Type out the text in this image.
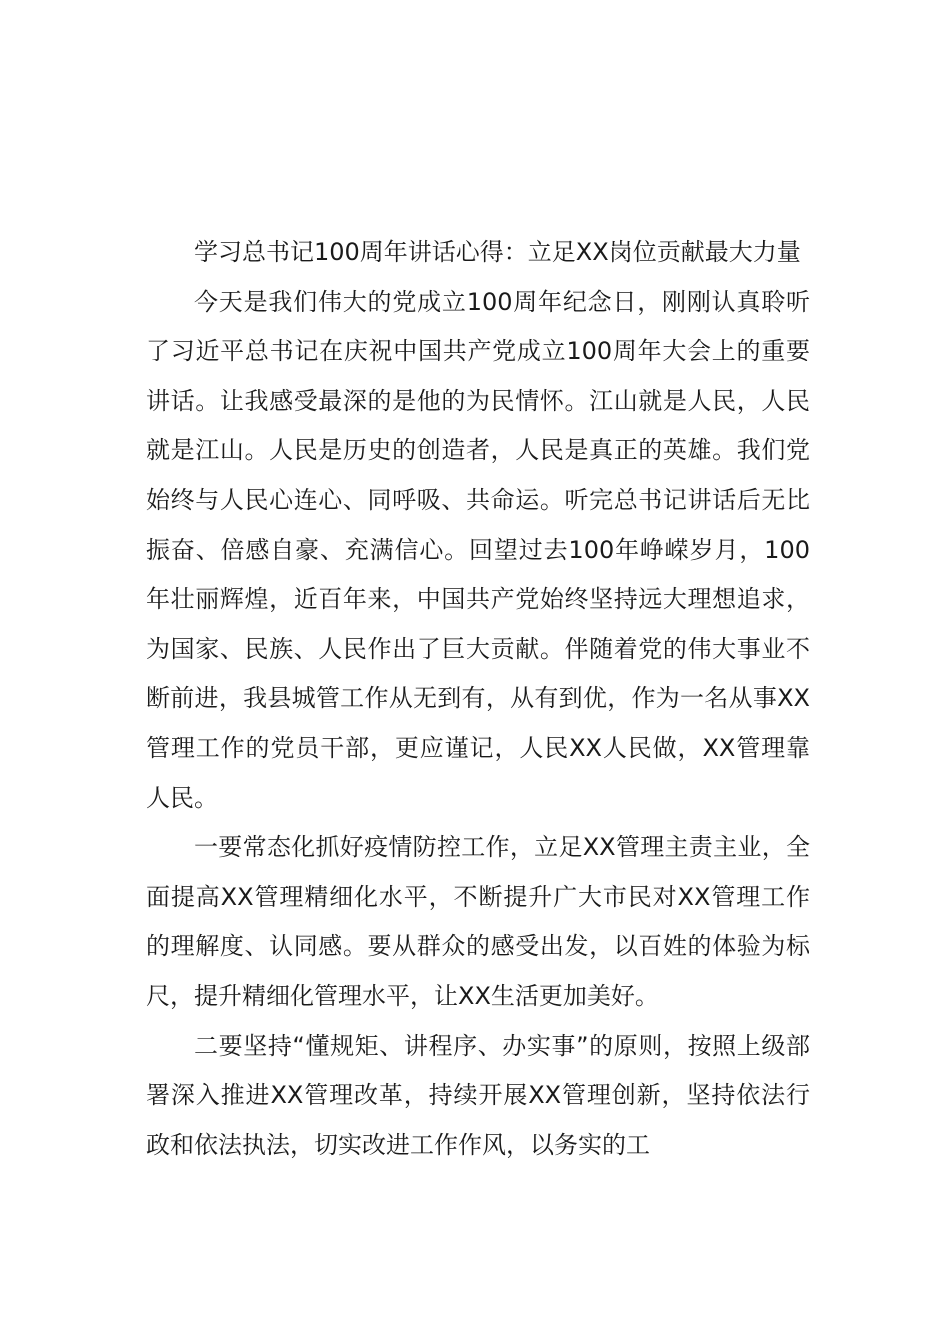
学习总书记100周年讲话心得：立足XX岗位贡献最大力量

今天是我们伟大的党成立100周年纪念日，刚刚认真聆听了习近平总书记在庆祝中国共产党成立100周年大会上的重要讲话。让我感受最深的是他的为民情怀。江山就是人民，人民就是江山。人民是历史的创造者，人民是真正的英雄。我们党始终与人民心连心、同呼吸、共命运。听完总书记讲话后无比振奋、倍感自豪、充满信心。回望过去100年峥嵘岁月，100年壮丽辉煌，近百年来，中国共产党始终坚持远大理想追求，为国家、民族、人民作出了巨大贡献。伴随着党的伟大事业不断前进，我县城管工作从无到有，从有到优，作为一名从事XX管理工作的党员干部，更应谨记，人民XX人民做，XX管理靠人民。

一要常态化抓好疫情防控工作，立足XX管理主责主业，全面提高XX管理精细化水平，不断提升广大市民对XX管理工作的理解度、认同感。要从群众的感受出发，以百姓的体验为标尺，提升精细化管理水平，让XX生活更加美好。

二要坚持“懂规矩、讲程序、办实事”的原则，按照上级部署深入推进XX管理改革，持续开展XX管理创新，坚持依法行政和依法执法，切实改进工作作风，以务实的工
